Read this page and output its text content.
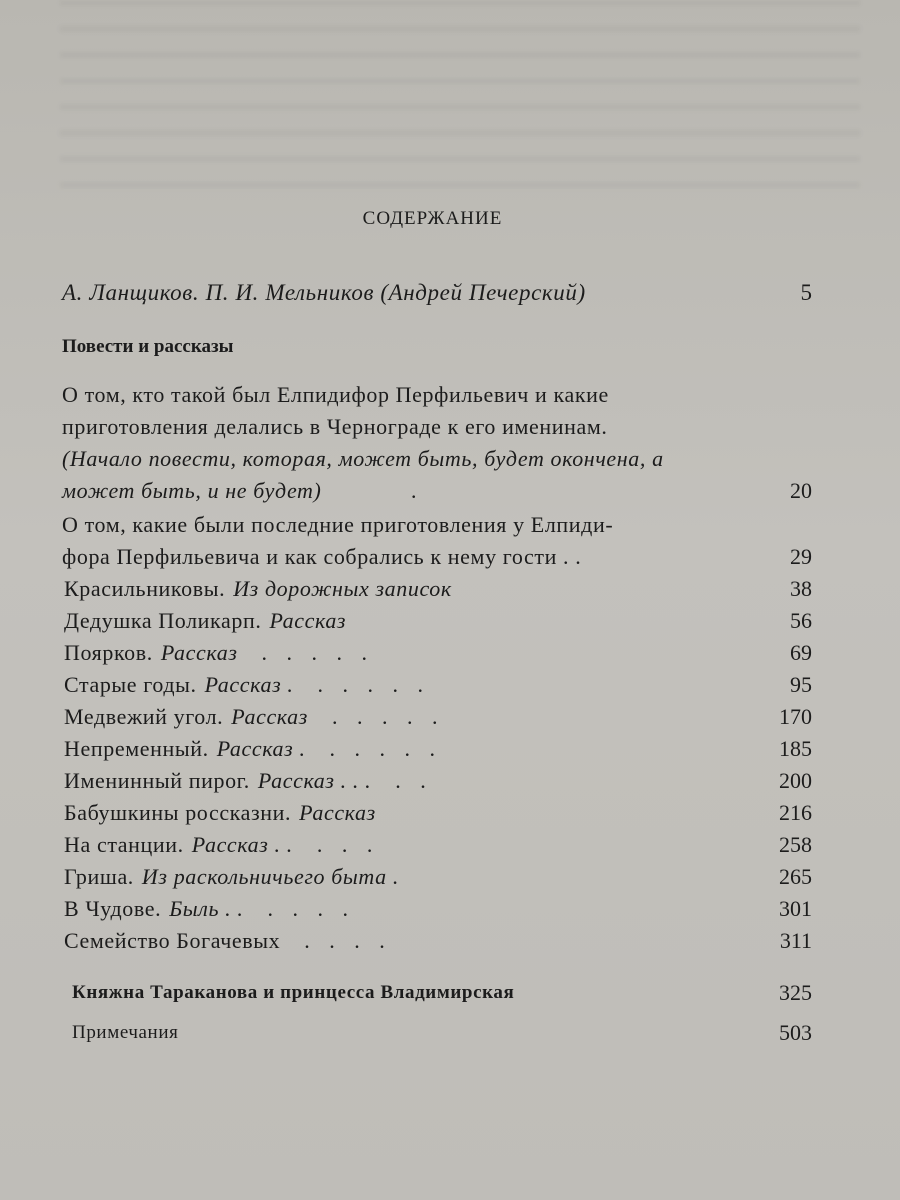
СОДЕРЖАНИЕ
А. Ланщиков. П. И. Мельников (Андрей Печерский)	5
Повести и рассказы
О том, кто такой был Елпидифор Перфильевич и какие
приготовления делались в Чернограде к его именинам.
(Начало повести, которая, может быть, будет окончена, а
может быть, и не будет)	.	20
О том, какие были последние приготовления у Елпиди-
фора Перфильевича и как собрались к нему гости . .	29
Красильниковы. Из дорожных записок	38
Дедушка Поликарп. Рассказ	56
Поярков. Рассказ . . . . .	69
Старые годы. Рассказ . . . . . .	95
Медвежий угол. Рассказ . . . . .	170
Непременный. Рассказ . . . . . .	185
Именинный пирог. Рассказ . . . . .	200
Бабушкины россказни. Рассказ	216
На станции. Рассказ . . . . .	258
Гриша. Из раскольничьего быта .	265
В Чудове. Быль . . . . . .	301
Семейство Богачевых . . . .	311
Княжна Тараканова и принцесса Владимирская	325
Примечания	503
